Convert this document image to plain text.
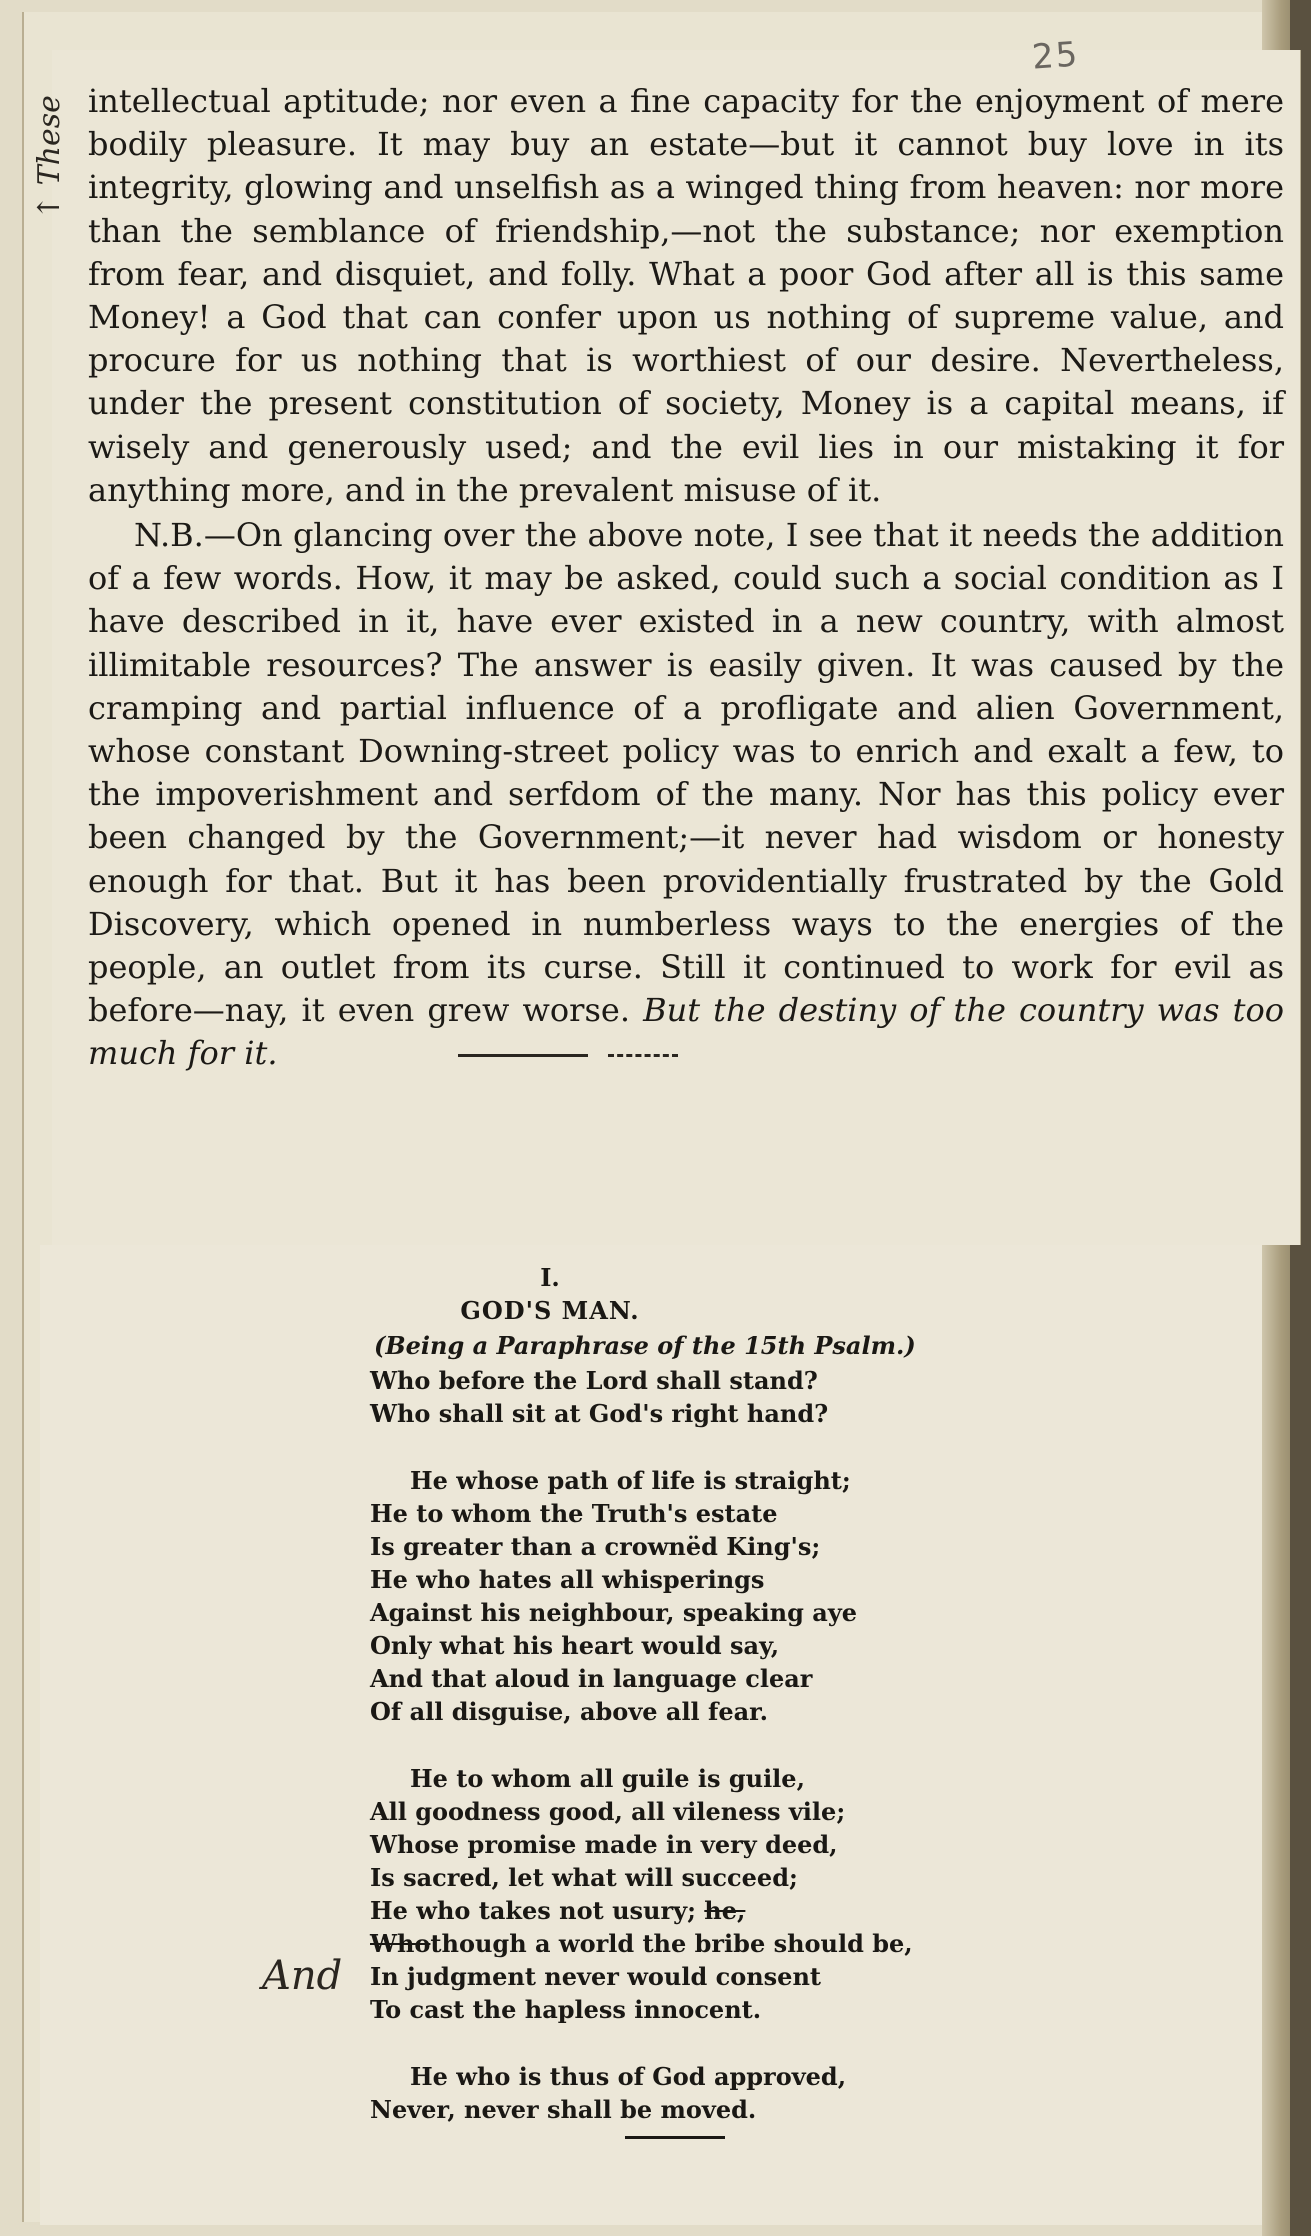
25
↑ These intellectual aptitude; nor even a fine capacity for the enjoyment of mere bodily pleasure. It may buy an estate—but it cannot buy love in its integrity, glowing and unselfish as a winged thing from heaven: nor more than the semblance of friendship,—not the substance; nor exemption from fear, and disquiet, and folly. What a poor God after all is this same Money! a God that can confer upon us nothing of supreme value, and procure for us nothing that is worthiest of our desire. Nevertheless, under the present constitution of society, Money is a capital means, if wisely and generously used; and the evil lies in our mistaking it for anything more, and in the prevalent misuse of it.

N.B.—On glancing over the above note, I see that it needs the addition of a few words. How, it may be asked, could such a social condition as I have described in it, have ever existed in a new country, with almost illimitable resources? The answer is easily given. It was caused by the cramping and partial influence of a profligate and alien Government, whose constant Downing-street policy was to enrich and exalt a few, to the impoverishment and serfdom of the many. Nor has this policy ever been changed by the Government;—it never had wisdom or honesty enough for that. But it has been providentially frustrated by the Gold Discovery, which opened in numberless ways to the energies of the people, an outlet from its curse. Still it continued to work for evil as before—nay, it even grew worse. But the destiny of the country was too much for it.

I.
GOD'S MAN.
(Being a Paraphrase of the 15th Psalm.)
Who before the Lord shall stand?
Who shall sit at God's right hand?
He whose path of life is straight;
He to whom the Truth's estate
Is greater than a crownëd King's;
He who hates all whisperings
Against his neighbour, speaking aye
Only what his heart would say,
And that aloud in language clear
Of all disguise, above all fear.
He to whom all guile is guile,
All goodness good, all vileness vile;
Whose promise made in very deed,
Is sacred, let what will succeed;
He who takes not usury; he,
Whothough a world the bribe should be,
In judgment never would consent
To cast the hapless innocent.
He who is thus of God approved,
Never, never shall be moved.
And
